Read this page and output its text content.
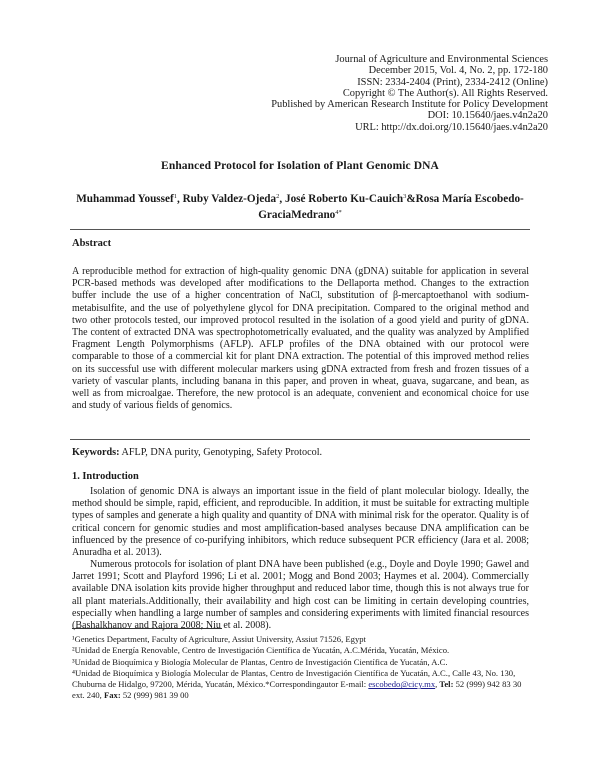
Journal of Agriculture and Environmental Sciences
December 2015, Vol. 4, No. 2, pp. 172-180
ISSN: 2334-2404 (Print), 2334-2412 (Online)
Copyright © The Author(s). All Rights Reserved.
Published by American Research Institute for Policy Development
DOI: 10.15640/jaes.v4n2a20
URL: http://dx.doi.org/10.15640/jaes.v4n2a20
Enhanced Protocol for Isolation of Plant Genomic DNA
Muhammad Youssef$^1$, Ruby Valdez-Ojeda$^2$, José Roberto Ku-Cauich$^3$&Rosa María Escobedo-GraciaMedrano$^{4*}$
Abstract
A reproducible method for extraction of high-quality genomic DNA (gDNA) suitable for application in several PCR-based methods was developed after modifications to the Dellaporta method. Changes to the extraction buffer include the use of a higher concentration of NaCl, substitution of β-mercaptoethanol with sodium-metabisulfite, and the use of polyethylene glycol for DNA precipitation. Compared to the original method and two other protocols tested, our improved protocol resulted in the isolation of a good yield and purity of gDNA. The content of extracted DNA was spectrophotometrically evaluated, and the quality was analyzed by Amplified Fragment Length Polymorphisms (AFLP). AFLP profiles of the DNA obtained with our protocol were comparable to those of a commercial kit for plant DNA extraction. The potential of this improved method relies on its successful use with different molecular markers using gDNA extracted from fresh and frozen tissues of a variety of vascular plants, including banana in this paper, and proven in wheat, guava, sugarcane, and bean, as well as from microalgae. Therefore, the new protocol is an adequate, convenient and economical choice for use and study of various fields of genomics.
Keywords: AFLP, DNA purity, Genotyping, Safety Protocol.
1. Introduction
Isolation of genomic DNA is always an important issue in the field of plant molecular biology. Ideally, the method should be simple, rapid, efficient, and reproducible. In addition, it must be suitable for extracting multiple types of samples and generate a high quality and quantity of DNA with minimal risk for the operator. Quality is of critical concern for genomic studies and most amplification-based analyses because DNA amplification can be influenced by the presence of co-purifying inhibitors, which reduce subsequent PCR efficiency (Jara et al. 2008; Anuradha et al. 2013).
Numerous protocols for isolation of plant DNA have been published (e.g., Doyle and Doyle 1990; Gawel and Jarret 1991; Scott and Playford 1996; Li et al. 2001; Mogg and Bond 2003; Haymes et al. 2004). Commercially available DNA isolation kits provide higher throughput and reduced labor time, though this is not always true for all plant materials.Additionally, their availability and high cost can be limiting in certain developing countries, especially when handling a large number of samples and considering experiments with limited financial resources (Bashalkhanov and Rajora 2008; Niu et al. 2008).
¹Genetics Department, Faculty of Agriculture, Assiut University, Assiut 71526, Egypt
²Unidad de Energía Renovable, Centro de Investigación Científica de Yucatán, A.C.Mérida, Yucatán, México.
³Unidad de Bioquímica y Biología Molecular de Plantas, Centro de Investigación Científica de Yucatán, A.C.
⁴Unidad de Bioquímica y Biología Molecular de Plantas, Centro de Investigación Científica de Yucatán, A.C., Calle 43, No. 130,
Chuburna de Hidalgo, 97200, Mérida, Yucatán, México.*Correspondingautor E-mail: escobedo@cicy.mx, Tel: 52 (999) 942 83 30
ext. 240, Fax: 52 (999) 981 39 00
